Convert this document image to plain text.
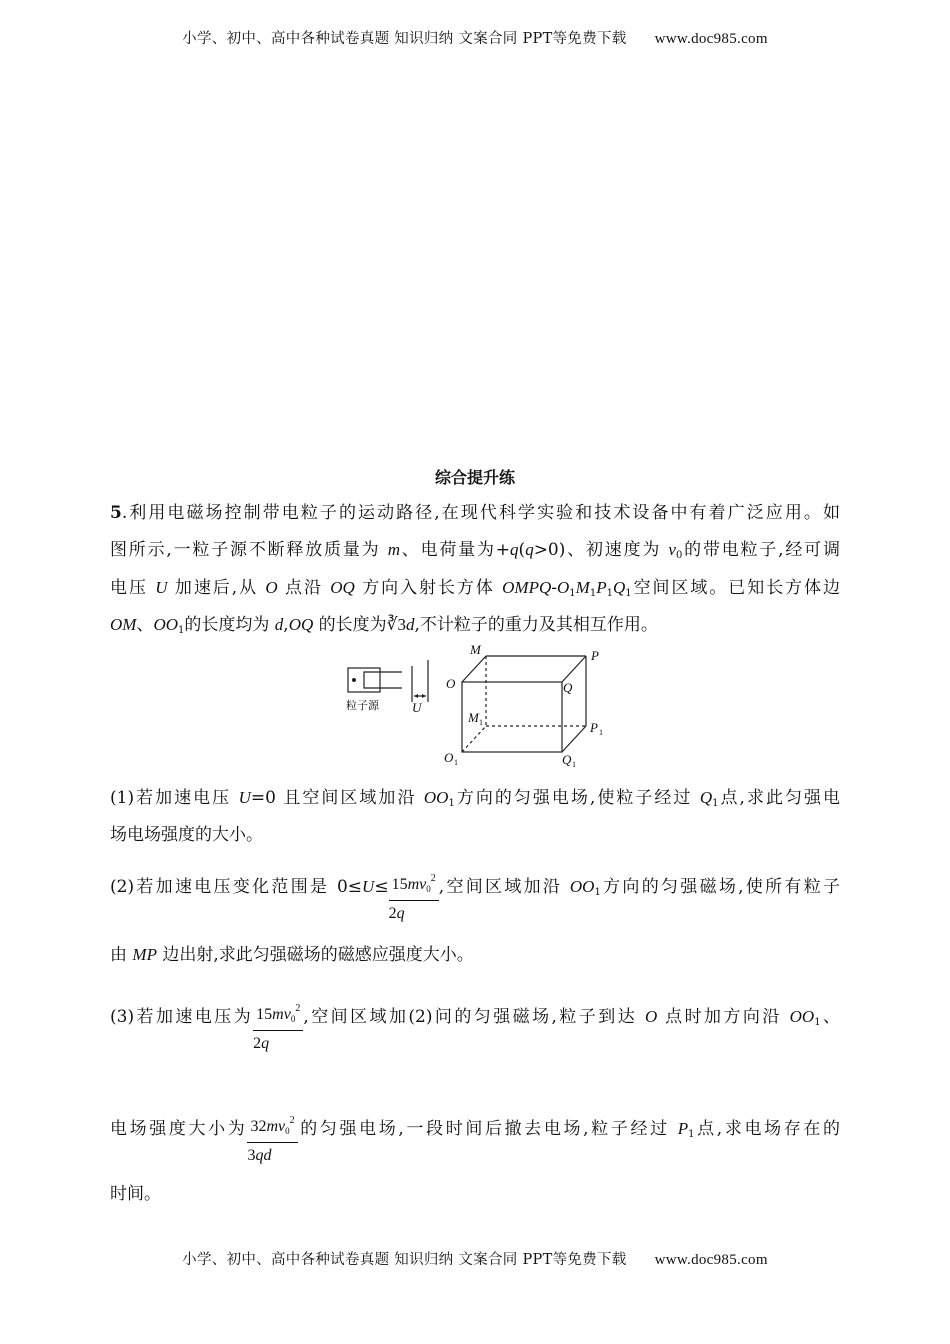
小学、初中、高中各种试卷真题 知识归纳 文案合同 PPT等免费下载 www.doc985.com
综合提升练
5.利用电磁场控制带电粒子的运动路径,在现代科学实验和技术设备中有着广泛应用。如
图所示,一粒子源不断释放质量为 m、电荷量为+q(q>0)、初速度为 $v_0$的带电粒子,经可调
电压 U 加速后,从 O 点沿 OQ 方向入射长方体 OMPQ-$O_1M_1P_1Q_1$空间区域。已知长方体边
OM、$OO_1$的长度均为 d,OQ 的长度为∛3d,不计粒子的重力及其相互作用。
M	P
O	Q
M
P
O	Q
U
1
1
1	1
粒子源
(1)若加速电压 U=0 且空间区域加沿 $OO_1$方向的匀强电场,使粒子经过 $Q_1$点,求此匀强电
场电场强度的大小。
(2)若加速电压变化范围是 $0\le U\le \frac{15mv_0^2}{2q}$ ,空间区域加沿 $OO_1$方向的匀强磁场,使所有粒子
由 MP 边出射,求此匀强磁场的磁感应强度大小。
(3)若加速电压为 $\frac{15mv_0^2}{2q}$ ,空间区域加(2)问的匀强磁场,粒子到达 O 点时加方向沿 $OO_1$、
电场强度大小为 $\frac{32mv_0^2}{3qd}$ 的匀强电场,一段时间后撤去电场,粒子经过 $P_1$点,求电场存在的
时间。
小学、初中、高中各种试卷真题 知识归纳 文案合同 PPT等免费下载 www.doc985.com
